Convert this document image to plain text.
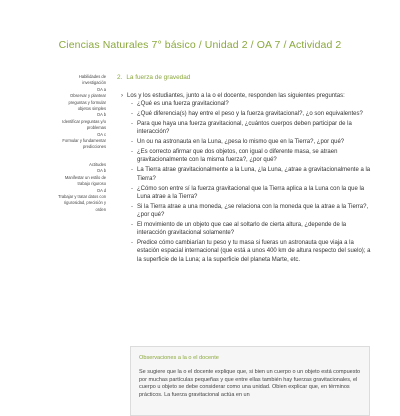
Ciencias Naturales 7° básico / Unidad 2 / OA 7 / Actividad 2
Habilidades de
investigación
OA a
Observar y plantear
preguntas y formular
objetos simples
OA b
Identificar preguntas y/o
problemas
OA c
Formular y fundamentar
predicciones
Actitudes
OA b
Manifestar un estilo de
trabajo riguroso
OA d
Trabajar y tratar datos con
rigurosidad, precisión y
orden
2. La fuerza de gravedad
› Los y los estudiantes, junto a la o el docente, responden las siguientes preguntas:
- ¿Qué es una fuerza gravitacional?
- ¿Qué diferencia(s) hay entre el peso y la fuerza gravitacional?, ¿o son equivalentes?
- Para que haya una fuerza gravitacional, ¿cuántos cuerpos deben participar de la interacción?
- Un ou na astronauta en la Luna, ¿pesa lo mismo que en la Tierra?, ¿por qué?
- ¿Es correcto afirmar que dos objetos, con igual o diferente masa, se atraen gravitacionalmente con la misma fuerza?, ¿por qué?
- La Tierra atrae gravitacionalmente a la Luna, ¿la Luna, ¿atrae a gravitacionalmente a la Tierra?
- ¿Cómo son entre sí la fuerza gravitacional que la Tierra aplica a la Luna con la que la Luna atrae a la Tierra?
- Si la Tierra atrae a una moneda, ¿se relaciona con la moneda que la atrae a la Tierra?, ¿por qué?
- El movimiento de un objeto que cae al soltarlo de cierta altura, ¿depende de la interacción gravitacional solamente?
- Predice cómo cambiarían tu peso y tu masa si fueras un astronauta que viaja a la estación espacial internacional (que está a unos 400 km de altura respecto del suelo); a la superficie de la Luna; a la superficie del planeta Marte, etc.
Observaciones a la o el docente
Se sugiere que la o el docente explique que, si bien un cuerpo o un objeto está compuesto por muchas partículas pequeñas y que entre ellas también hay fuerzas gravitacionales, el cuerpo u objeto se debe considerar como una unidad. Obien explicar que, en términos prácticos. La fuerza gravitacional actúa en un
